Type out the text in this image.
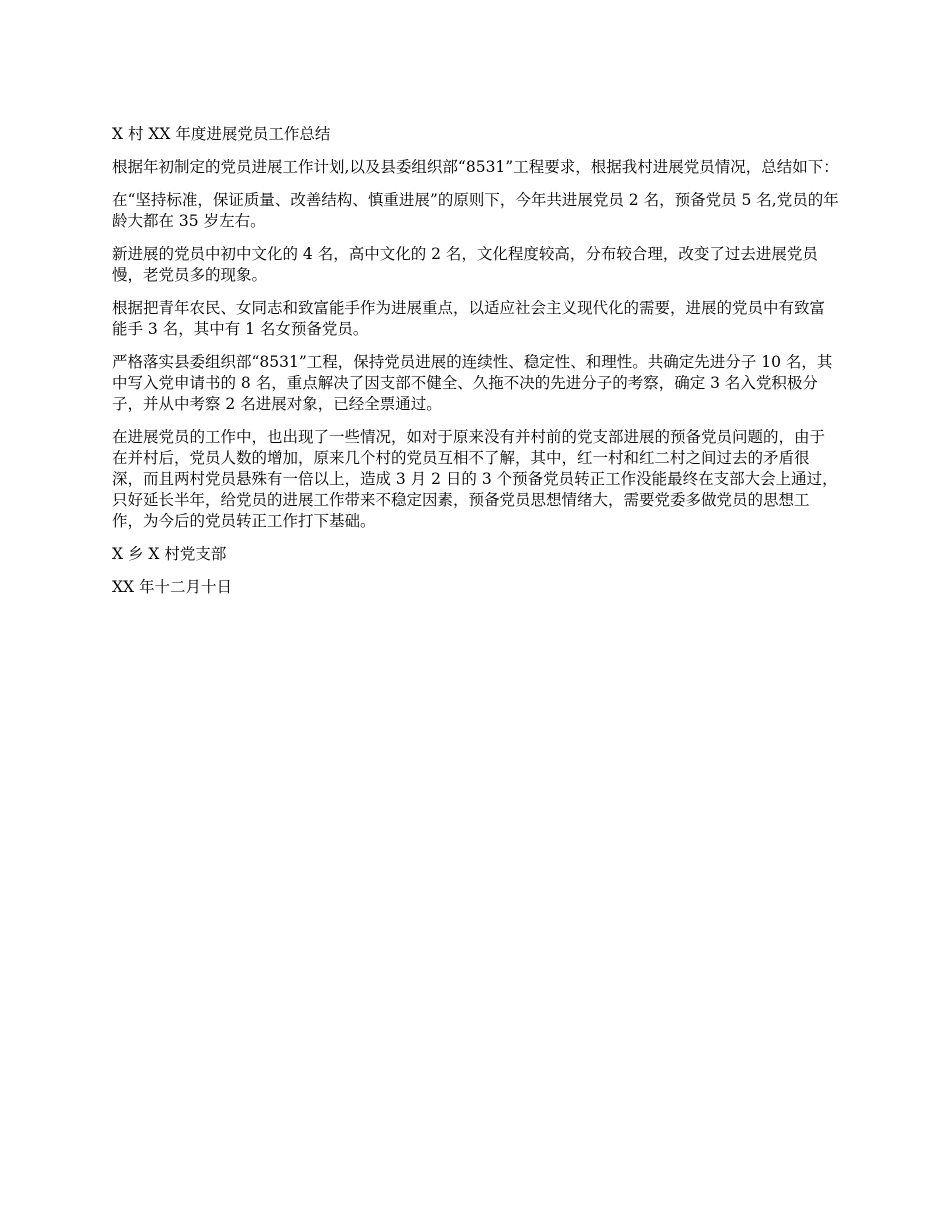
X 村 XX 年度进展党员工作总结

根据年初制定的党员进展工作计划,以及县委组织部“8531”工程要求，根据我村进展党员情况，总结如下：

在“坚持标准，保证质量、改善结构、慎重进展”的原则下，今年共进展党员 2 名，预备党员 5 名,党员的年龄大都在 35 岁左右。

新进展的党员中初中文化的 4 名，高中文化的 2 名，文化程度较高，分布较合理，改变了过去进展党员慢，老党员多的现象。

根据把青年农民、女同志和致富能手作为进展重点，以适应社会主义现代化的需要，进展的党员中有致富能手 3 名，其中有 1 名女预备党员。

严格落实县委组织部“8531”工程，保持党员进展的连续性、稳定性、和理性。共确定先进分子 10 名，其中写入党申请书的 8 名，重点解决了因支部不健全、久拖不决的先进分子的考察，确定 3 名入党积极分子，并从中考察 2 名进展对象，已经全票通过。

在进展党员的工作中，也出现了一些情况，如对于原来没有并村前的党支部进展的预备党员问题的，由于在并村后，党员人数的增加，原来几个村的党员互相不了解，其中，红一村和红二村之间过去的矛盾很深，而且两村党员悬殊有一倍以上，造成 3 月 2 日的 3 个预备党员转正工作没能最终在支部大会上通过，只好延长半年，给党员的进展工作带来不稳定因素，预备党员思想情绪大，需要党委多做党员的思想工作，为今后的党员转正工作打下基础。

X 乡 X 村党支部

XX 年十二月十日
